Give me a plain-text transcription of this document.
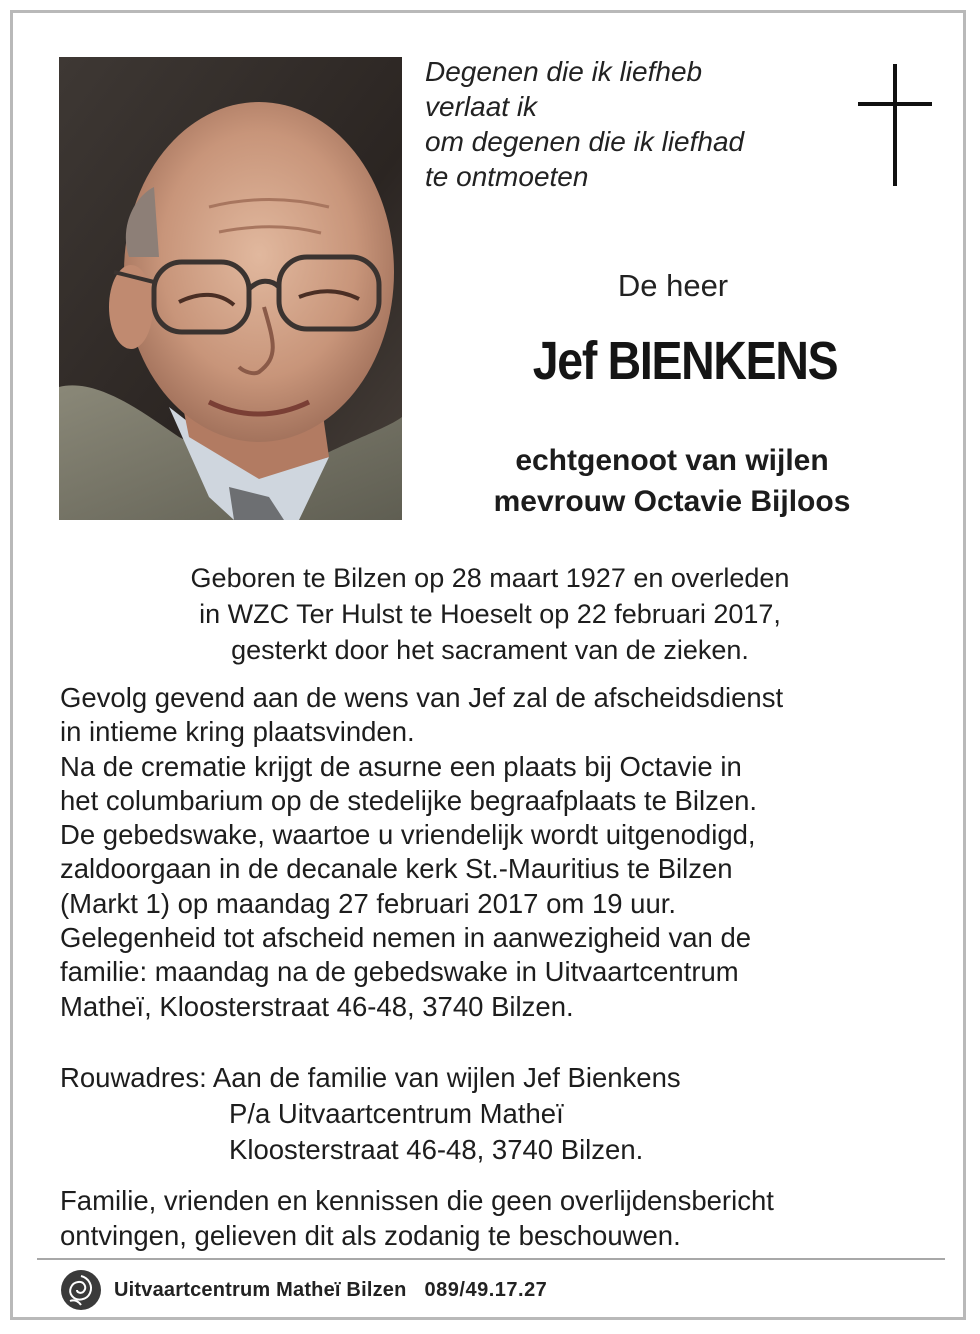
Degenen die ik liefheb
verlaat ik
om degenen die ik liefhad
te ontmoeten
De heer
Jef BIENKENS
echtgenoot van wijlen
mevrouw Octavie Bijloos
Geboren te Bilzen op 28 maart 1927 en overleden
in WZC Ter Hulst te Hoeselt op 22 februari 2017,
gesterkt door het sacrament van de zieken.
Gevolg gevend aan de wens van Jef zal de afscheidsdienst
in intieme kring plaatsvinden.
Na de crematie krijgt de asurne een plaats bij Octavie in
het columbarium op de stedelijke begraafplaats te Bilzen.
De gebedswake, waartoe u vriendelijk wordt uitgenodigd,
zaldoorgaan in de decanale kerk St.-Mauritius te Bilzen
(Markt 1) op maandag 27 februari 2017 om 19 uur.
Gelegenheid tot afscheid nemen in aanwezigheid van de
familie: maandag na de gebedswake in Uitvaartcentrum
Matheï, Kloosterstraat 46-48, 3740 Bilzen.
Rouwadres: Aan de familie van wijlen Jef Bienkens
P/a Uitvaartcentrum Matheï
Kloosterstraat 46-48, 3740 Bilzen.
Familie, vrienden en kennissen die geen overlijdensbericht
ontvingen, gelieven dit als zodanig te beschouwen.
Uitvaartcentrum Matheï Bilzen 089/49.17.27
